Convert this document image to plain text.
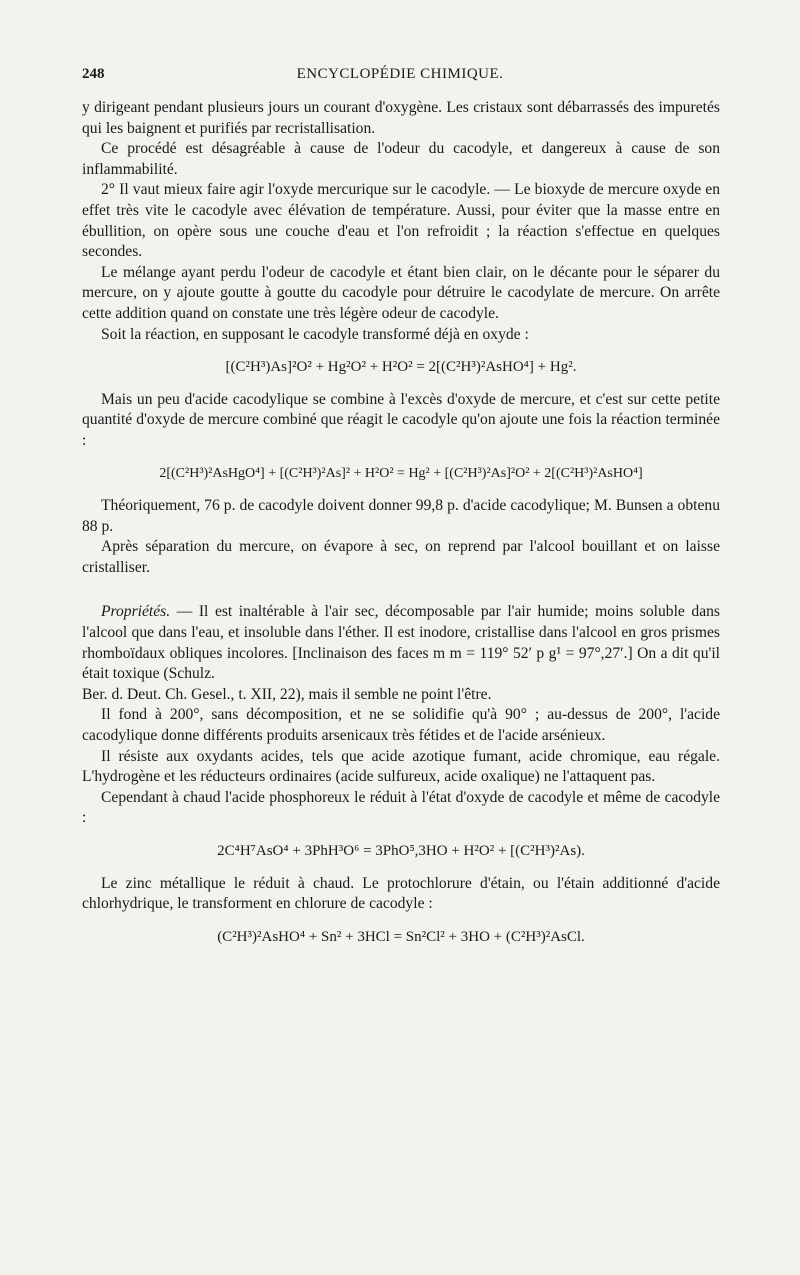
248	ENCYCLOPÉDIE CHIMIQUE.

y dirigeant pendant plusieurs jours un courant d'oxygène. Les cristaux sont débarrassés des impuretés qui les baignent et purifiés par recristallisation.

Ce procédé est désagréable à cause de l'odeur du cacodyle, et dangereux à cause de son inflammabilité.

2° Il vaut mieux faire agir l'oxyde mercurique sur le cacodyle. — Le bioxyde de mercure oxyde en effet très vite le cacodyle avec élévation de température. Aussi, pour éviter que la masse entre en ébullition, on opère sous une couche d'eau et l'on refroidit ; la réaction s'effectue en quelques secondes.

Le mélange ayant perdu l'odeur de cacodyle et étant bien clair, on le décante pour le séparer du mercure, on y ajoute goutte à goutte du cacodyle pour détruire le cacodylate de mercure. On arrête cette addition quand on constate une très légère odeur de cacodyle.

Soit la réaction, en supposant le cacodyle transformé déjà en oxyde :

[(C²H³)As]²O² + Hg²O² + H²O² = 2[(C²H³)²AsHO⁴] + Hg².

Mais un peu d'acide cacodylique se combine à l'excès d'oxyde de mercure, et c'est sur cette petite quantité d'oxyde de mercure combiné que réagit le cacodyle qu'on ajoute une fois la réaction terminée :

2[(C²H³)²AsHgO⁴] + [(C²H³)²As]² + H²O² = Hg² + [(C²H³)²As]²O² + 2[(C²H³)²AsHO⁴]

Théoriquement, 76 p. de cacodyle doivent donner 99,8 p. d'acide cacodylique; M. Bunsen a obtenu 88 p.

Après séparation du mercure, on évapore à sec, on reprend par l'alcool bouillant et on laisse cristalliser.

Propriétés. — Il est inaltérable à l'air sec, décomposable par l'air humide; moins soluble dans l'alcool que dans l'eau, et insoluble dans l'éther. Il est inodore, cristallise dans l'alcool en gros prismes rhomboïdaux obliques incolores. [Inclinaison des faces m m = 119° 52′ p g¹ = 97°,27′.] On a dit qu'il était toxique (Schulz.

Ber. d. Deut. Ch. Gesel., t. XII, 22), mais il semble ne point l'être.

Il fond à 200°, sans décomposition, et ne se solidifie qu'à 90° ; au-dessus de 200°, l'acide cacodylique donne différents produits arsenicaux très fétides et de l'acide arsénieux.

Il résiste aux oxydants acides, tels que acide azotique fumant, acide chromique, eau régale. L'hydrogène et les réducteurs ordinaires (acide sulfureux, acide oxalique) ne l'attaquent pas.

Cependant à chaud l'acide phosphoreux le réduit à l'état d'oxyde de cacodyle et même de cacodyle :

2C⁴H⁷AsO⁴ + 3PhH³O⁶ = 3PhO⁵,3HO + H²O² + [(C²H³)²As).

Le zinc métallique le réduit à chaud. Le protochlorure d'étain, ou l'étain additionné d'acide chlorhydrique, le transforment en chlorure de cacodyle :

(C²H³)²AsHO⁴ + Sn² + 3HCl = Sn²Cl² + 3HO + (C²H³)²AsCl.
